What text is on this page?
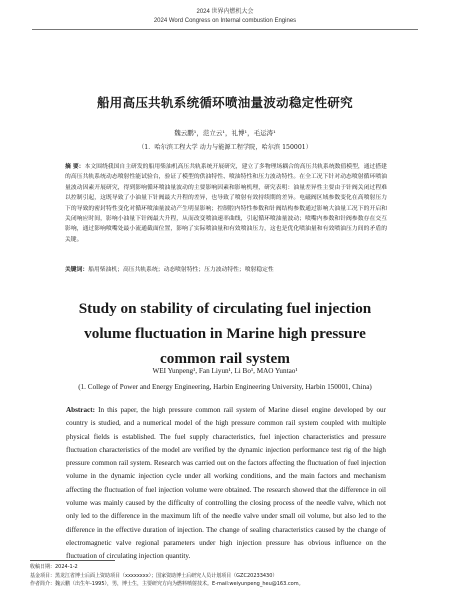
2024 世界内燃机大会
2024 Word Congress on Internal combustion Engines
船用高压共轨系统循环喷油量波动稳定性研究
魏云鹏¹，范立云¹，礼博¹，毛运涛¹
（1．哈尔滨工程大学 动力与能源工程学院，哈尔滨 150001）

摘 要：本文围绕我国自主研发的船用柴油机高压共轨系统开展研究，建立了多物理场耦合的高压共轨系统数值模型，通过搭建的高压共轨系统动态喷射性能试验台，验证了模型的供油特性、喷油特性和压力波动特性。在全工况下针对动态喷射循环喷油量波动因素开展研究，得到影响循环喷油量波动的主要影响因素和影响机理，研究表明：油量差异性主要由于针阀关闭过程难以控制引起，这既导致了小油量下针阀最大升程的差异，也导致了喷射有效持续期的差异。电磁阀区域参数变化在高喷射压力下的导致的密封特性变化对循环喷油量波动产生明显影响；控制腔内特性参数和针阀结构参数通过影响大油量工况下的开启和关闭响应时间，影响小油量下针阀最大升程，从而改变喷油速率曲线，引起循环喷油量波动；喷嘴内参数和针阀参数存在交互影响，通过影响喷嘴处最小流通截面位置，影响了实际喷油量和有效喷油压力，这也是优化喷油量和有效喷油压力间的矛盾的关键。

关键词：船用柴油机；高压共轨系统；动态喷射特性；压力波动特性；喷射稳定性

Study on stability of circulating fuel injection volume fluctuation in Marine high pressure common rail system

WEI Yunpeng¹, Fan Liyun¹, Li Bo¹, MAO Yuntao¹
(1. College of Power and Energy Engineering, Harbin Engineering University, Harbin 150001, China)

Abstract: In this paper, the high pressure common rail system of Marine diesel engine developed by our country is studied, and a numerical model of the high pressure common rail system coupled with multiple physical fields is established. The fuel supply characteristics, fuel injection characteristics and pressure fluctuation characteristics of the model are verified by the dynamic injection performance test rig of the high pressure common rail system. Research was carried out on the factors affecting the fluctuation of fuel injection volume in the dynamic injection cycle under all working conditions, and the main factors and mechanism affecting the fluctuation of fuel injection volume were obtained. The research showed that the difference in oil volume was mainly caused by the difficulty of controlling the closing process of the needle valve, which not only led to the difference in the maximum lift of the needle valve under small oil volume, but also led to the difference in the effective duration of injection. The change of sealing characteristics caused by the change of electromagnetic valve regional parameters under high injection pressure has obvious influence on the fluctuation of circulating injection quantity.

收稿日期：2024-1-2
基金项目：黑龙江省博士后面上资助项目（xxxxxxxx）；国家资助博士后研究人员计划项目（GZC20233430）
作者简介：魏云鹏（出生年-1995），男，博士生，主要研究方向为燃料喷射技术。E-mail:weiyunpeng_heu@163.com。
